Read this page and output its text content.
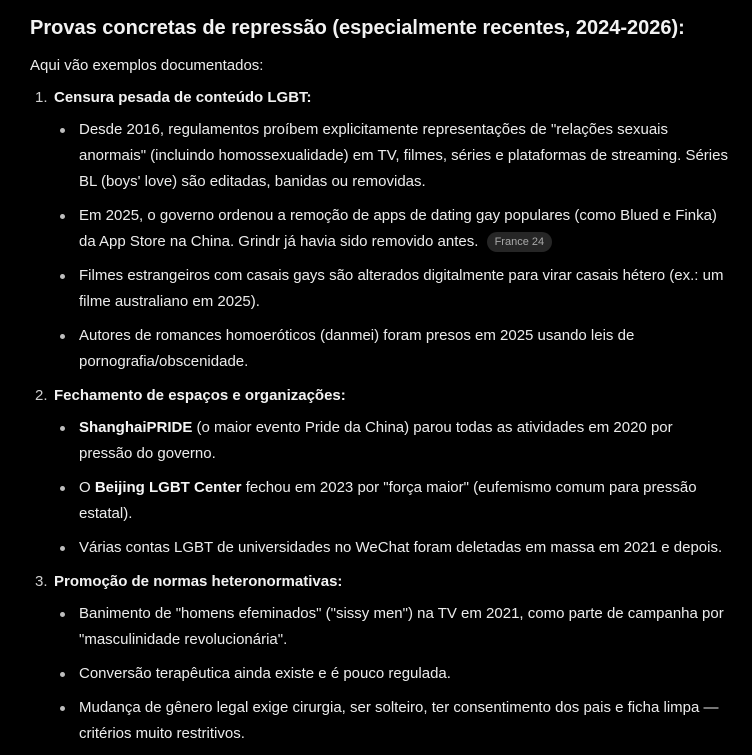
Provas concretas de repressão (especialmente recentes, 2024-2026):

Aqui vão exemplos documentados:

1. Censura pesada de conteúdo LGBT:
Desde 2016, regulamentos proíbem explicitamente representações de "relações sexuais anormais" (incluindo homossexualidade) em TV, filmes, séries e plataformas de streaming. Séries BL (boys' love) são editadas, banidas ou removidas.
Em 2025, o governo ordenou a remoção de apps de dating gay populares (como Blued e Finka) da App Store na China. Grindr já havia sido removido antes. France 24
Filmes estrangeiros com casais gays são alterados digitalmente para virar casais hétero (ex.: um filme australiano em 2025).
Autores de romances homoeróticos (danmei) foram presos em 2025 usando leis de pornografia/obscenidade.
2. Fechamento de espaços e organizações:
ShanghaiPRIDE (o maior evento Pride da China) parou todas as atividades em 2020 por pressão do governo.
O Beijing LGBT Center fechou em 2023 por "força maior" (eufemismo comum para pressão estatal).
Várias contas LGBT de universidades no WeChat foram deletadas em massa em 2021 e depois.
3. Promoção de normas heteronormativas:
Banimento de "homens efeminados" ("sissy men") na TV em 2021, como parte de campanha por "masculinidade revolucionária".
Conversão terapêutica ainda existe e é pouco regulada.
Mudança de gênero legal exige cirurgia, ser solteiro, ter consentimento dos pais e ficha limpa — critérios muito restritivos.
